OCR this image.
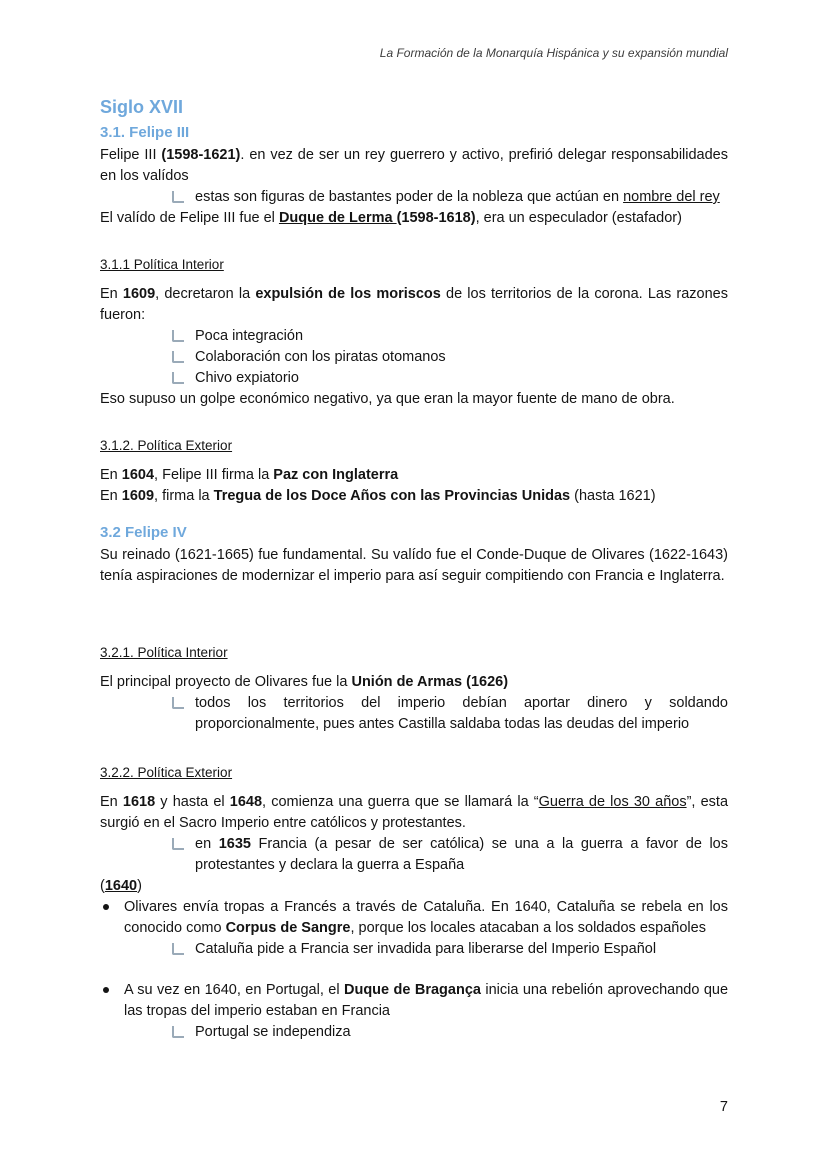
La Formación de la Monarquía Hispánica y su expansión mundial
Siglo XVII
3.1. Felipe III
Felipe III (1598-1621). en vez de ser un rey guerrero y activo, prefirió delegar responsabilidades en los valídos
estas son figuras de bastantes poder de la nobleza que actúan en nombre del rey
El valído de Felipe III fue el Duque de Lerma (1598-1618), era un especulador (estafador)
3.1.1 Política Interior
En 1609, decretaron la expulsión de los moriscos de los territorios de la corona. Las razones fueron:
Poca integración
Colaboración con los piratas otomanos
Chivo expiatorio
Eso supuso un golpe económico negativo, ya que eran la mayor fuente de mano de obra.
3.1.2. Política Exterior
En 1604, Felipe III firma la Paz con Inglaterra
En 1609, firma la Tregua de los Doce Años con las Provincias Unidas (hasta 1621)
3.2 Felipe IV
Su reinado (1621-1665) fue fundamental. Su valído fue el Conde-Duque de Olivares (1622-1643) tenía aspiraciones de modernizar el imperio para así seguir compitiendo con Francia e Inglaterra.
3.2.1. Política Interior
El principal proyecto de Olivares fue la Unión de Armas (1626)
todos los territorios del imperio debían aportar dinero y soldando proporcionalmente, pues antes Castilla saldaba todas las deudas del imperio
3.2.2. Política Exterior
En 1618 y hasta el 1648, comienza una guerra que se llamará la “Guerra de los 30 años”, esta surgió en el Sacro Imperio entre católicos y protestantes.
en 1635 Francia (a pesar de ser católica) se una a la guerra a favor de los protestantes y declara la guerra a España
(1640)
Olivares envía tropas a Francés a través de Cataluña. En 1640, Cataluña se rebela en los conocido como Corpus de Sangre, porque los locales atacaban a los soldados españoles
Cataluña pide a Francia ser invadida para liberarse del Imperio Español
A su vez en 1640, en Portugal, el Duque de Bragança inicia una rebelión aprovechando que las tropas del imperio estaban en Francia
Portugal se independiza
7
